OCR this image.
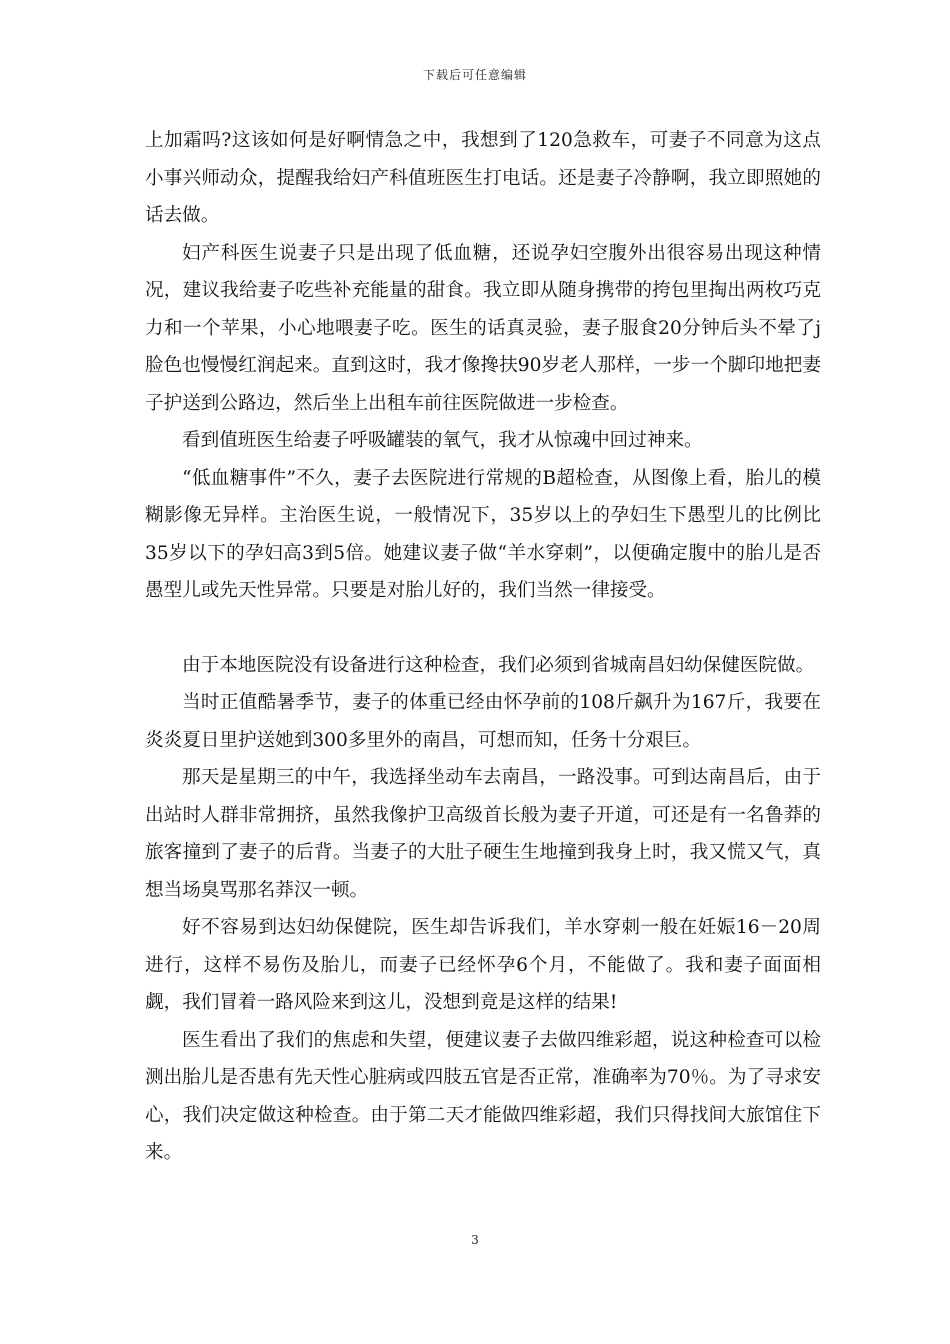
下载后可任意编辑

上加霜吗?这该如何是好啊情急之中，我想到了120急救车，可妻子不同意为这点小事兴师动众，提醒我给妇产科值班医生打电话。还是妻子冷静啊，我立即照她的话去做。

妇产科医生说妻子只是出现了低血糖，还说孕妇空腹外出很容易出现这种情况，建议我给妻子吃些补充能量的甜食。我立即从随身携带的挎包里掏出两枚巧克力和一个苹果，小心地喂妻子吃。医生的话真灵验，妻子服食20分钟后头不晕了j脸色也慢慢红润起来。直到这时，我才像搀扶90岁老人那样，一步一个脚印地把妻子护送到公路边，然后坐上出租车前往医院做进一步检查。

看到值班医生给妻子呼吸罐装的氧气，我才从惊魂中回过神来。

“低血糖事件”不久，妻子去医院进行常规的B超检查，从图像上看，胎儿的模糊影像无异样。主治医生说，一般情况下，35岁以上的孕妇生下愚型儿的比例比35岁以下的孕妇高3到5倍。她建议妻子做“羊水穿刺”，以便确定腹中的胎儿是否愚型儿或先天性异常。只要是对胎儿好的，我们当然一律接受。

由于本地医院没有设备进行这种检查，我们必须到省城南昌妇幼保健医院做。

当时正值酷暑季节，妻子的体重已经由怀孕前的108斤飙升为167斤，我要在炎炎夏日里护送她到300多里外的南昌，可想而知，任务十分艰巨。

那天是星期三的中午，我选择坐动车去南昌，一路没事。可到达南昌后，由于出站时人群非常拥挤，虽然我像护卫高级首长般为妻子开道，可还是有一名鲁莽的旅客撞到了妻子的后背。当妻子的大肚子硬生生地撞到我身上时，我又慌又气，真想当场臭骂那名莽汉一顿。

好不容易到达妇幼保健院，医生却告诉我们，羊水穿刺一般在妊娠16－20周进行，这样不易伤及胎儿，而妻子已经怀孕6个月，不能做了。我和妻子面面相觑，我们冒着一路风险来到这儿，没想到竟是这样的结果!

医生看出了我们的焦虑和失望，便建议妻子去做四维彩超，说这种检查可以检测出胎儿是否患有先天性心脏病或四肢五官是否正常，准确率为70％。为了寻求安心，我们决定做这种检查。由于第二天才能做四维彩超，我们只得找间大旅馆住下来。

3
